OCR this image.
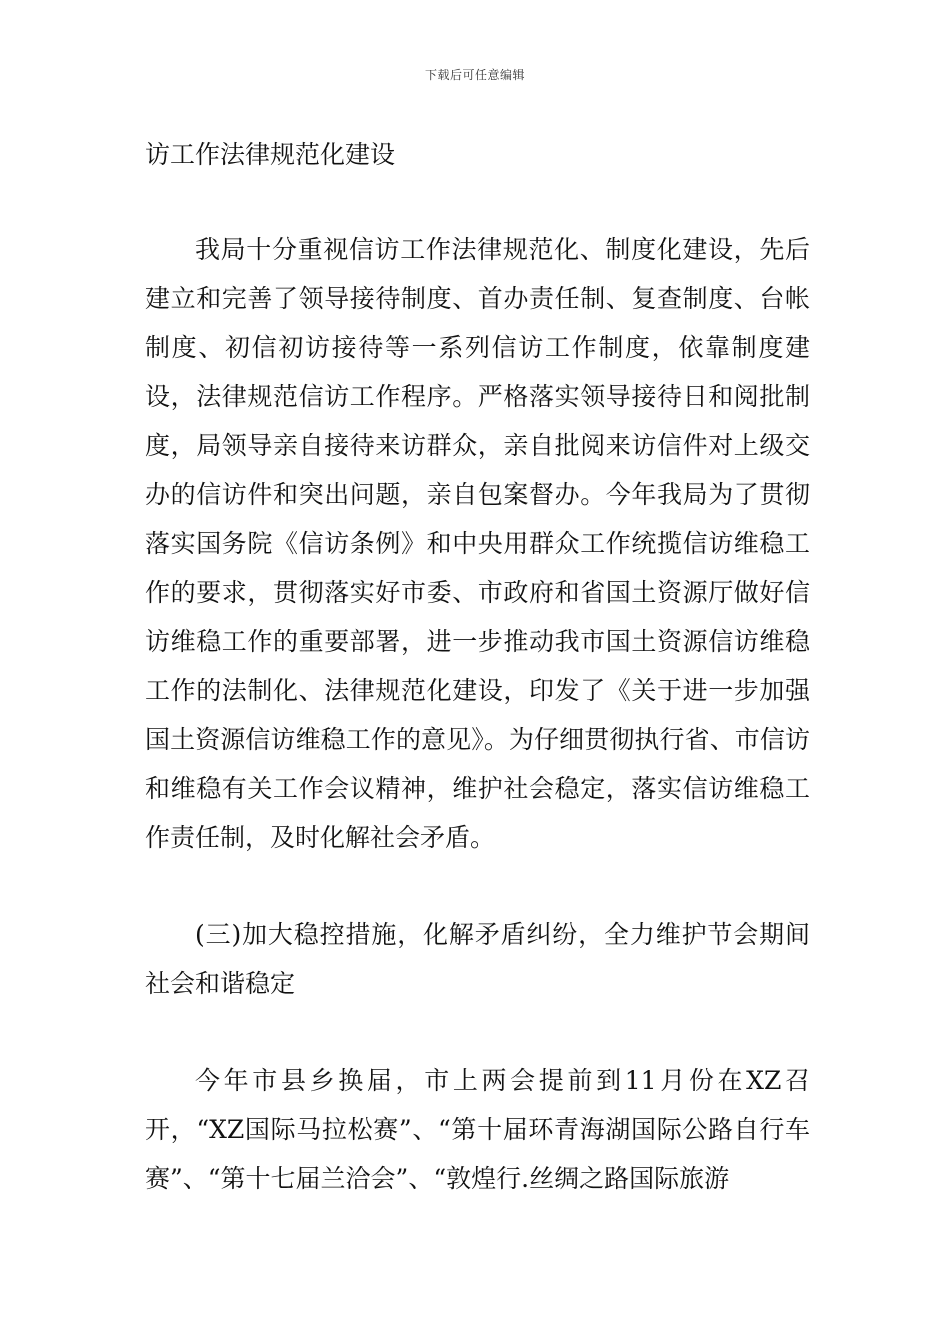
下载后可任意编辑

访工作法律规范化建设

我局十分重视信访工作法律规范化、制度化建设，先后建立和完善了领导接待制度、首办责任制、复查制度、台帐制度、初信初访接待等一系列信访工作制度，依靠制度建设，法律规范信访工作程序。严格落实领导接待日和阅批制度，局领导亲自接待来访群众，亲自批阅来访信件对上级交办的信访件和突出问题，亲自包案督办。今年我局为了贯彻落实国务院《信访条例》和中央用群众工作统揽信访维稳工作的要求，贯彻落实好市委、市政府和省国土资源厅做好信访维稳工作的重要部署，进一步推动我市国土资源信访维稳工作的法制化、法律规范化建设，印发了《关于进一步加强国土资源信访维稳工作的意见》。为仔细贯彻执行省、市信访和维稳有关工作会议精神，维护社会稳定，落实信访维稳工作责任制，及时化解社会矛盾。

(三)加大稳控措施，化解矛盾纠纷，全力维护节会期间社会和谐稳定

今年市县乡换届，市上两会提前到11月份在XZ召开，“XZ国际马拉松赛”、“第十届环青海湖国际公路自行车赛”、“第十七届兰洽会”、“敦煌行.丝绸之路国际旅游
